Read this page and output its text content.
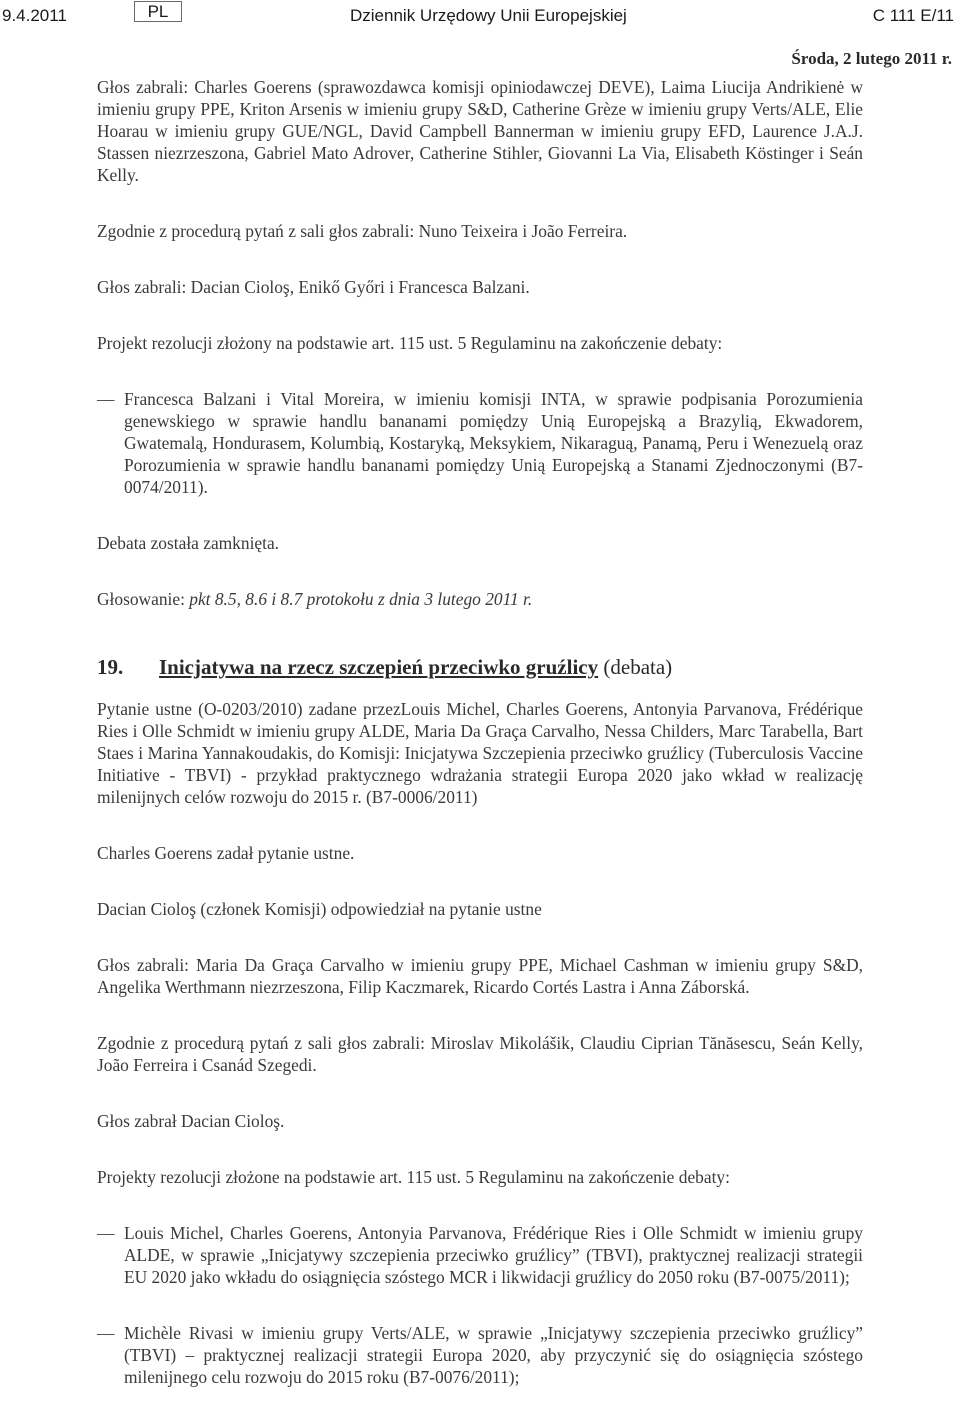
9.4.2011	PL	Dziennik Urzędowy Unii Europejskiej	C 111 E/11
Środa, 2 lutego 2011 r.

Głos zabrali: Charles Goerens (sprawozdawca komisji opiniodawczej DEVE), Laima Liucija Andrikienė w imieniu grupy PPE, Kriton Arsenis w imieniu grupy S&D, Catherine Grèze w imieniu grupy Verts/ALE, Elie Hoarau w imieniu grupy GUE/NGL, David Campbell Bannerman w imieniu grupy EFD, Laurence J.A.J. Stassen niezrzeszona, Gabriel Mato Adrover, Catherine Stihler, Giovanni La Via, Elisabeth Köstinger i Seán Kelly.

Zgodnie z procedurą pytań z sali głos zabrali: Nuno Teixeira i João Ferreira.

Głos zabrali: Dacian Cioloş, Enikő Győri i Francesca Balzani.

Projekt rezolucji złożony na podstawie art. 115 ust. 5 Regulaminu na zakończenie debaty:

— Francesca Balzani i Vital Moreira, w imieniu komisji INTA, w sprawie podpisania Porozumienia genewskiego w sprawie handlu bananami pomiędzy Unią Europejską a Brazylią, Ekwadorem, Gwatemalą, Hondurasem, Kolumbią, Kostaryką, Meksykiem, Nikaraguą, Panamą, Peru i Wenezuelą oraz Porozumienia w sprawie handlu bananami pomiędzy Unią Europejską a Stanami Zjednoczonymi (B7-0074/2011).

Debata została zamknięta.

Głosowanie: pkt 8.5, 8.6 i 8.7 protokołu z dnia 3 lutego 2011 r.

19. Inicjatywa na rzecz szczepień przeciwko gruźlicy (debata)

Pytanie ustne (O-0203/2010) zadane przezLouis Michel, Charles Goerens, Antonyia Parvanova, Frédérique Ries i Olle Schmidt w imieniu grupy ALDE, Maria Da Graça Carvalho, Nessa Childers, Marc Tarabella, Bart Staes i Marina Yannakoudakis, do Komisji: Inicjatywa Szczepienia przeciwko gruźlicy (Tuberculosis Vaccine Initiative - TBVI) - przykład praktycznego wdrażania strategii Europa 2020 jako wkład w realizację milenijnych celów rozwoju do 2015 r. (B7-0006/2011)

Charles Goerens zadał pytanie ustne.

Dacian Cioloş (członek Komisji) odpowiedział na pytanie ustne

Głos zabrali: Maria Da Graça Carvalho w imieniu grupy PPE, Michael Cashman w imieniu grupy S&D, Angelika Werthmann niezrzeszona, Filip Kaczmarek, Ricardo Cortés Lastra i Anna Záborská.

Zgodnie z procedurą pytań z sali głos zabrali: Miroslav Mikolášik, Claudiu Ciprian Tănăsescu, Seán Kelly, João Ferreira i Csanád Szegedi.

Głos zabrał Dacian Cioloş.

Projekty rezolucji złożone na podstawie art. 115 ust. 5 Regulaminu na zakończenie debaty:

— Louis Michel, Charles Goerens, Antonyia Parvanova, Frédérique Ries i Olle Schmidt w imieniu grupy ALDE, w sprawie „Inicjatywy szczepienia przeciwko gruźlicy” (TBVI), praktycznej realizacji strategii EU 2020 jako wkładu do osiągnięcia szóstego MCR i likwidacji gruźlicy do 2050 roku (B7-0075/2011);
— Michèle Rivasi w imieniu grupy Verts/ALE, w sprawie „Inicjatywy szczepienia przeciwko gruźlicy” (TBVI) – praktycznej realizacji strategii Europa 2020, aby przyczynić się do osiągnięcia szóstego milenijnego celu rozwoju do 2015 roku (B7-0076/2011);
